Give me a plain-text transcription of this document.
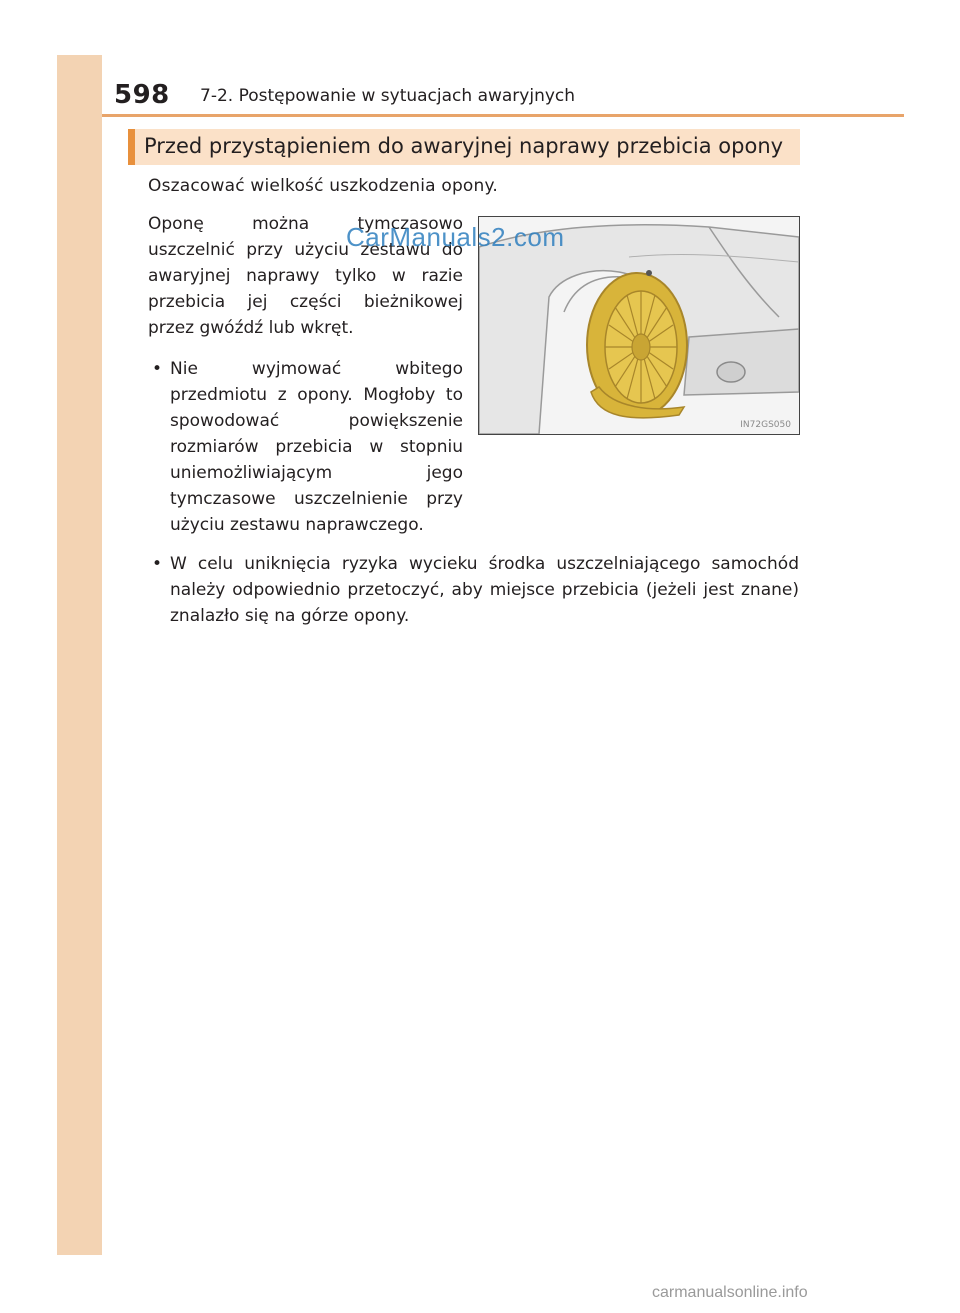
598 7-2. Postępowanie w sytuacjach awaryjnych
Przed przystąpieniem do awaryjnej naprawy przebicia opony
Oszacować wielkość uszkodzenia opony.
Oponę można tymczasowo uszczelnić przy użyciu zestawu do awaryjnej naprawy tylko w razie przebicia jej części bieżnikowej przez gwóźdź lub wkręt.
• Nie wyjmować wbitego przedmiotu z opony. Mogłoby to spowodować powiększenie rozmiarów przebicia w stopniu uniemożliwiającym jego tymczasowe uszczelnienie przy użyciu zestawu naprawczego.
• W celu uniknięcia ryzyka wycieku środka uszczelniającego samochód należy odpowiednio przetoczyć, aby miejsce przebicia (jeżeli jest znane) znalazło się na górze opony.
IN72GS050
CarManuals2.com
carmanualsonline.info
